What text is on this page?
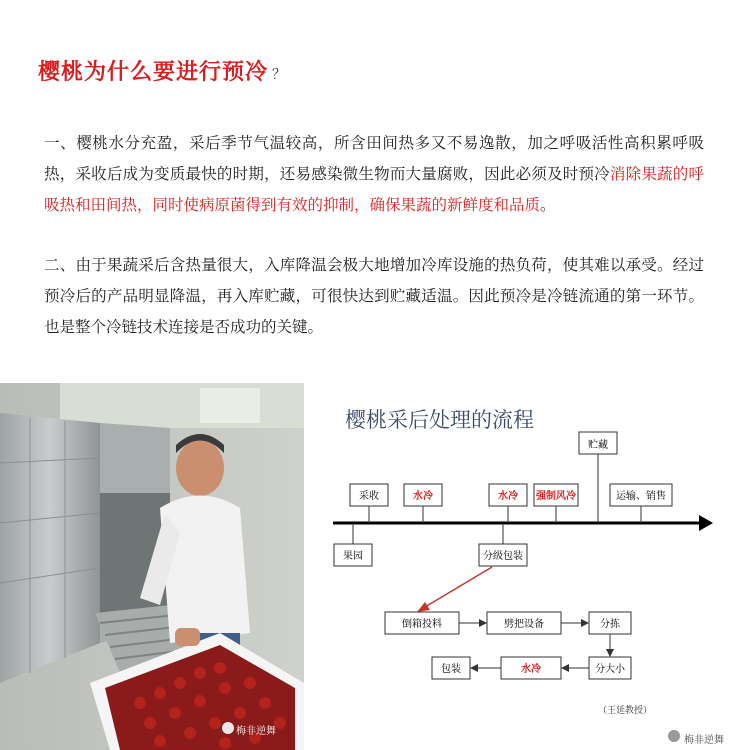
樱桃为什么要进行预冷 ？
一、樱桃水分充盈，采后季节气温较高，所含田间热多又不易逸散，加之呼吸活性高积累呼吸热，采收后成为变质最快的时期，还易感染微生物而大量腐败，因此必须及时预冷消除果蔬的呼吸热和田间热，同时使病原菌得到有效的抑制，确保果蔬的新鲜度和品质。
二、由于果蔬采后含热量很大，入库降温会极大地增加冷库设施的热负荷，使其难以承受。经过预冷后的产品明显降温，再入库贮藏，可很快达到贮藏适温。因此预冷是冷链流通的第一环节。也是整个冷链技术连接是否成功的关键。
梅非逆舞
樱桃采后处理的流程
贮藏
采收	水冷	水冷 强制风冷	运输、销售
果园	分级包装
倒箱投料	劈把设备	分拣
分大小
水冷
包装
（王延教授）
梅非逆舞
